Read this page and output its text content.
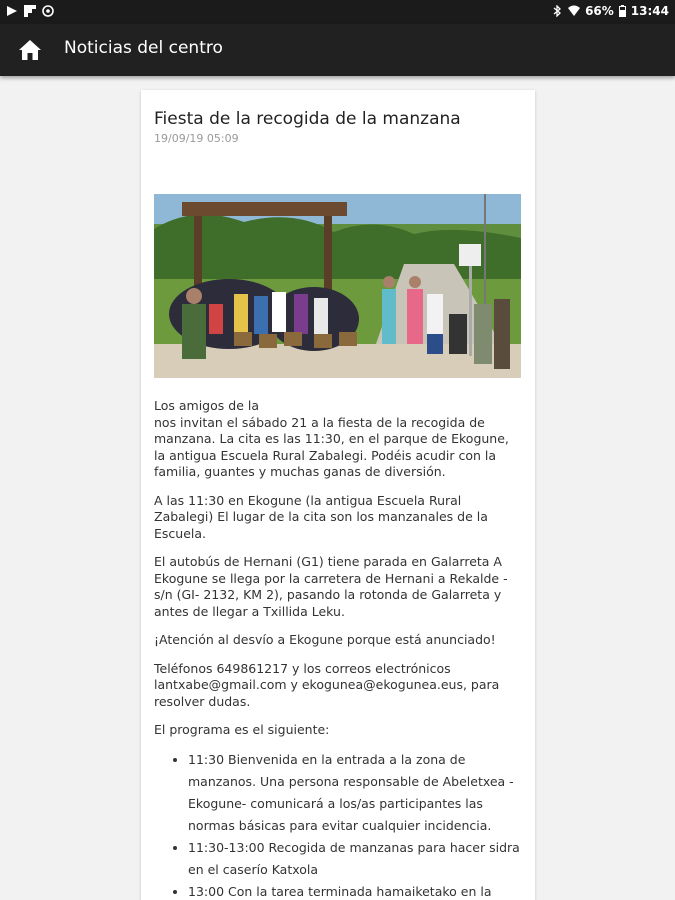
66% 13:44
Noticias del centro
Fiesta de la recogida de la manzana
19/09/19 05:09
Los amigos de la
nos invitan el sábado 21 a la fiesta de la recogida de manzana. La cita es las 11:30, en el parque de Ekogune, la antigua Escuela Rural Zabalegi. Podéis acudir con la familia, guantes y muchas ganas de diversión.
A las 11:30 en Ekogune (la antigua Escuela Rural Zabalegi) El lugar de la cita son los manzanales de la Escuela.
El autobús de Hernani (G1) tiene parada en Galarreta A Ekogune se llega por la carretera de Hernani a Rekalde - s/n (GI- 2132, KM 2), pasando la rotonda de Galarreta y antes de llegar a Txillida Leku.
¡Atención al desvío a Ekogune porque está anunciado!
Teléfonos 649861217 y los correos electrónicos lantxabe@gmail.com y ekogunea@ekogunea.eus, para resolver dudas.
El programa es el siguiente:
• 11:30 Bienvenida en la entrada a la zona de manzanos. Una persona responsable de Abeletxea - Ekogune- comunicará a los/as participantes las normas básicas para evitar cualquier incidencia.
• 11:30-13:00 Recogida de manzanas para hacer sidra en el caserío Katxola
• 13:00 Con la tarea terminada hamaiketako en la
